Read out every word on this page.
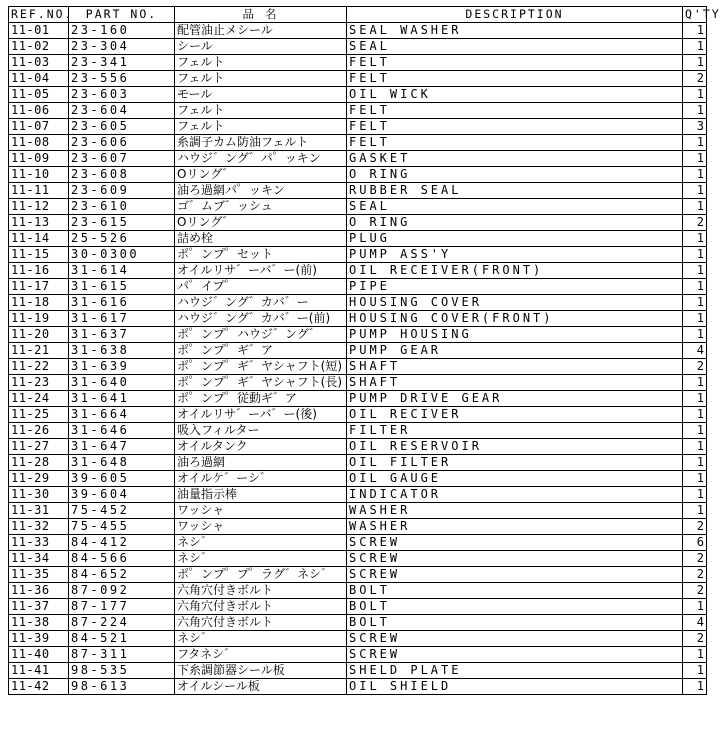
REF.NO.	PART NO.	品 名	DESCRIPTION	Q'TY
11-01	23-160	配管油止メシール	SEAL WASHER	1
11-02	23-304	シール	SEAL	1
11-03	23-341	フェルト	FELT	1
11-04	23-556	フェルト	FELT	2
11-05	23-603	モール	OIL WICK	1
11-06	23-604	フェルト	FELT	1
11-07	23-605	フェルト	FELT	3
11-08	23-606	糸調子カム防油フェルト	FELT	1
11-09	23-607	ハウジ゛ング゛パ゜ッキン	GASKET	1
11-10	23-608	Oリング゛	O RING	1
11-11	23-609	油ろ過網パ゜ッキン	RUBBER SEAL	1
11-12	23-610	ゴ゛ムブ゛ッシュ	SEAL	1
11-13	23-615	Oリング゛	O RING	2
11-14	25-526	詰め栓	PLUG	1
11-15	30-0300	ポ゜ンプ゜セット	PUMP ASS'Y	1
11-16	31-614	オイルリサ゛ーバ゛ー(前)	OIL RECEIVER(FRONT)	1
11-17	31-615	パ゜イプ゜	PIPE	1
11-18	31-616	ハウジ゛ング゛カバ゛ー	HOUSING COVER	1
11-19	31-617	ハウジ゛ング゛カバ゛ー(前)	HOUSING COVER(FRONT)	1
11-20	31-637	ポ゜ンプ゜ハウジ゛ング゛	PUMP HOUSING	1
11-21	31-638	ポ゜ンプ゜ギ゛ア	PUMP GEAR	4
11-22	31-639	ポ゜ンプ゜ギ゛ヤシャフト(短)	SHAFT	2
11-23	31-640	ポ゜ンプ゜ギ゛ヤシャフト(長)	SHAFT	1
11-24	31-641	ポ゜ンプ゜従動ギ゛ア	PUMP DRIVE GEAR	1
11-25	31-664	オイルリサ゛ーバ゛ー(後)	OIL RECIVER	1
11-26	31-646	吸入フィルター	FILTER	1
11-27	31-647	オイルタンク	OIL RESERVOIR	1
11-28	31-648	油ろ過網	OIL FILTER	1
11-29	39-605	オイルケ゛ーシ゛	OIL GAUGE	1
11-30	39-604	油量指示棒	INDICATOR	1
11-31	75-452	ワッシャ	WASHER	1
11-32	75-455	ワッシャ	WASHER	2
11-33	84-412	ネシ゛	SCREW	6
11-34	84-566	ネシ゛	SCREW	2
11-35	84-652	ポ゜ンプ゜プ゜ラグ゛ネシ゛	SCREW	2
11-36	87-092	六角穴付きボルト	BOLT	2
11-37	87-177	六角穴付きボルト	BOLT	1
11-38	87-224	六角穴付きボルト	BOLT	4
11-39	84-521	ネシ゛	SCREW	2
11-40	87-311	フタネシ゛	SCREW	1
11-41	98-535	下糸調節器シール板	SHELD PLATE	1
11-42	98-613	オイルシール板	OIL SHIELD	1
